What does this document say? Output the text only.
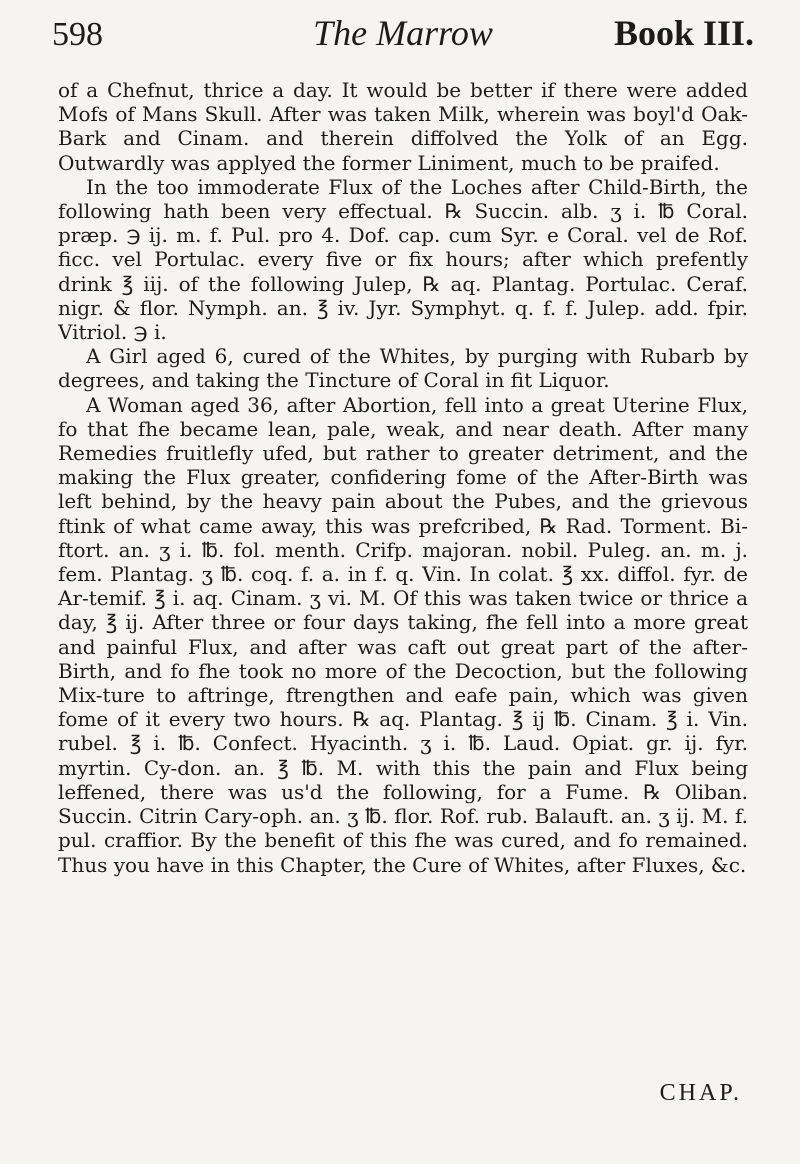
598	The Marrow	Book III.

of a Chefnut, thrice a day. It would be better if there were added Mofs of Mans Skull. After was taken Milk, wherein was boyl'd Oak-Bark and Cinam. and therein diffolved the Yolk of an Egg. Outwardly was applyed the former Liniment, much to be praifed.

In the too immoderate Flux of the Loches after Child-Birth, the following hath been very effectual. ℞ Succin. alb. ʒ i. ℔ Coral. præp. ℈ ij. m. f. Pul. pro 4. Dof. cap. cum Syr. e Coral. vel de Rof. ficc. vel Portulac. every five or fix hours; after which prefently drink ℥ iij. of the following Julep, ℞ aq. Plantag. Portulac. Ceraf. nigr. & flor. Nymph. an. ℥ iv. Jyr. Symphyt. q. f. f. Julep. add. fpir. Vitriol. ℈ i.

A Girl aged 6, cured of the Whites, by purging with Rubarb by degrees, and taking the Tincture of Coral in fit Liquor.

A Woman aged 36, after Abortion, fell into a great Uterine Flux, fo that fhe became lean, pale, weak, and near death. After many Remedies fruitlefly ufed, but rather to greater detriment, and the making the Flux greater, confidering fome of the After-Birth was left behind, by the heavy pain about the Pubes, and the grievous ftink of what came away, this was prefcribed, ℞ Rad. Torment. Bi-ftort. an. ʒ i. ℔. fol. menth. Crifp. majoran. nobil. Puleg. an. m. j. fem. Plantag. ʒ ℔. coq. f. a. in f. q. Vin. In colat. ℥ xx. diffol. fyr. de Ar-temif. ℥ i. aq. Cinam. ʒ vi. M. Of this was taken twice or thrice a day, ℥ ij. After three or four days taking, fhe fell into a more great and painful Flux, and after was caft out great part of the after-Birth, and fo fhe took no more of the Decoction, but the following Mix-ture to aftringe, ftrengthen and eafe pain, which was given fome of it every two hours. ℞ aq. Plantag. ℥ ij ℔. Cinam. ℥ i. Vin. rubel. ℥ i. ℔. Confect. Hyacinth. ʒ i. ℔. Laud. Opiat. gr. ij. fyr. myrtin. Cy-don. an. ℥ ℔. M. with this the pain and Flux being leffened, there was us'd the following, for a Fume. ℞ Oliban. Succin. Citrin Cary-oph. an. ʒ ℔. flor. Rof. rub. Balauft. an. ʒ ij. M. f. pul. craffior. By the benefit of this fhe was cured, and fo remained. Thus you have in this Chapter, the Cure of Whites, after Fluxes, &c.

CHAP.
